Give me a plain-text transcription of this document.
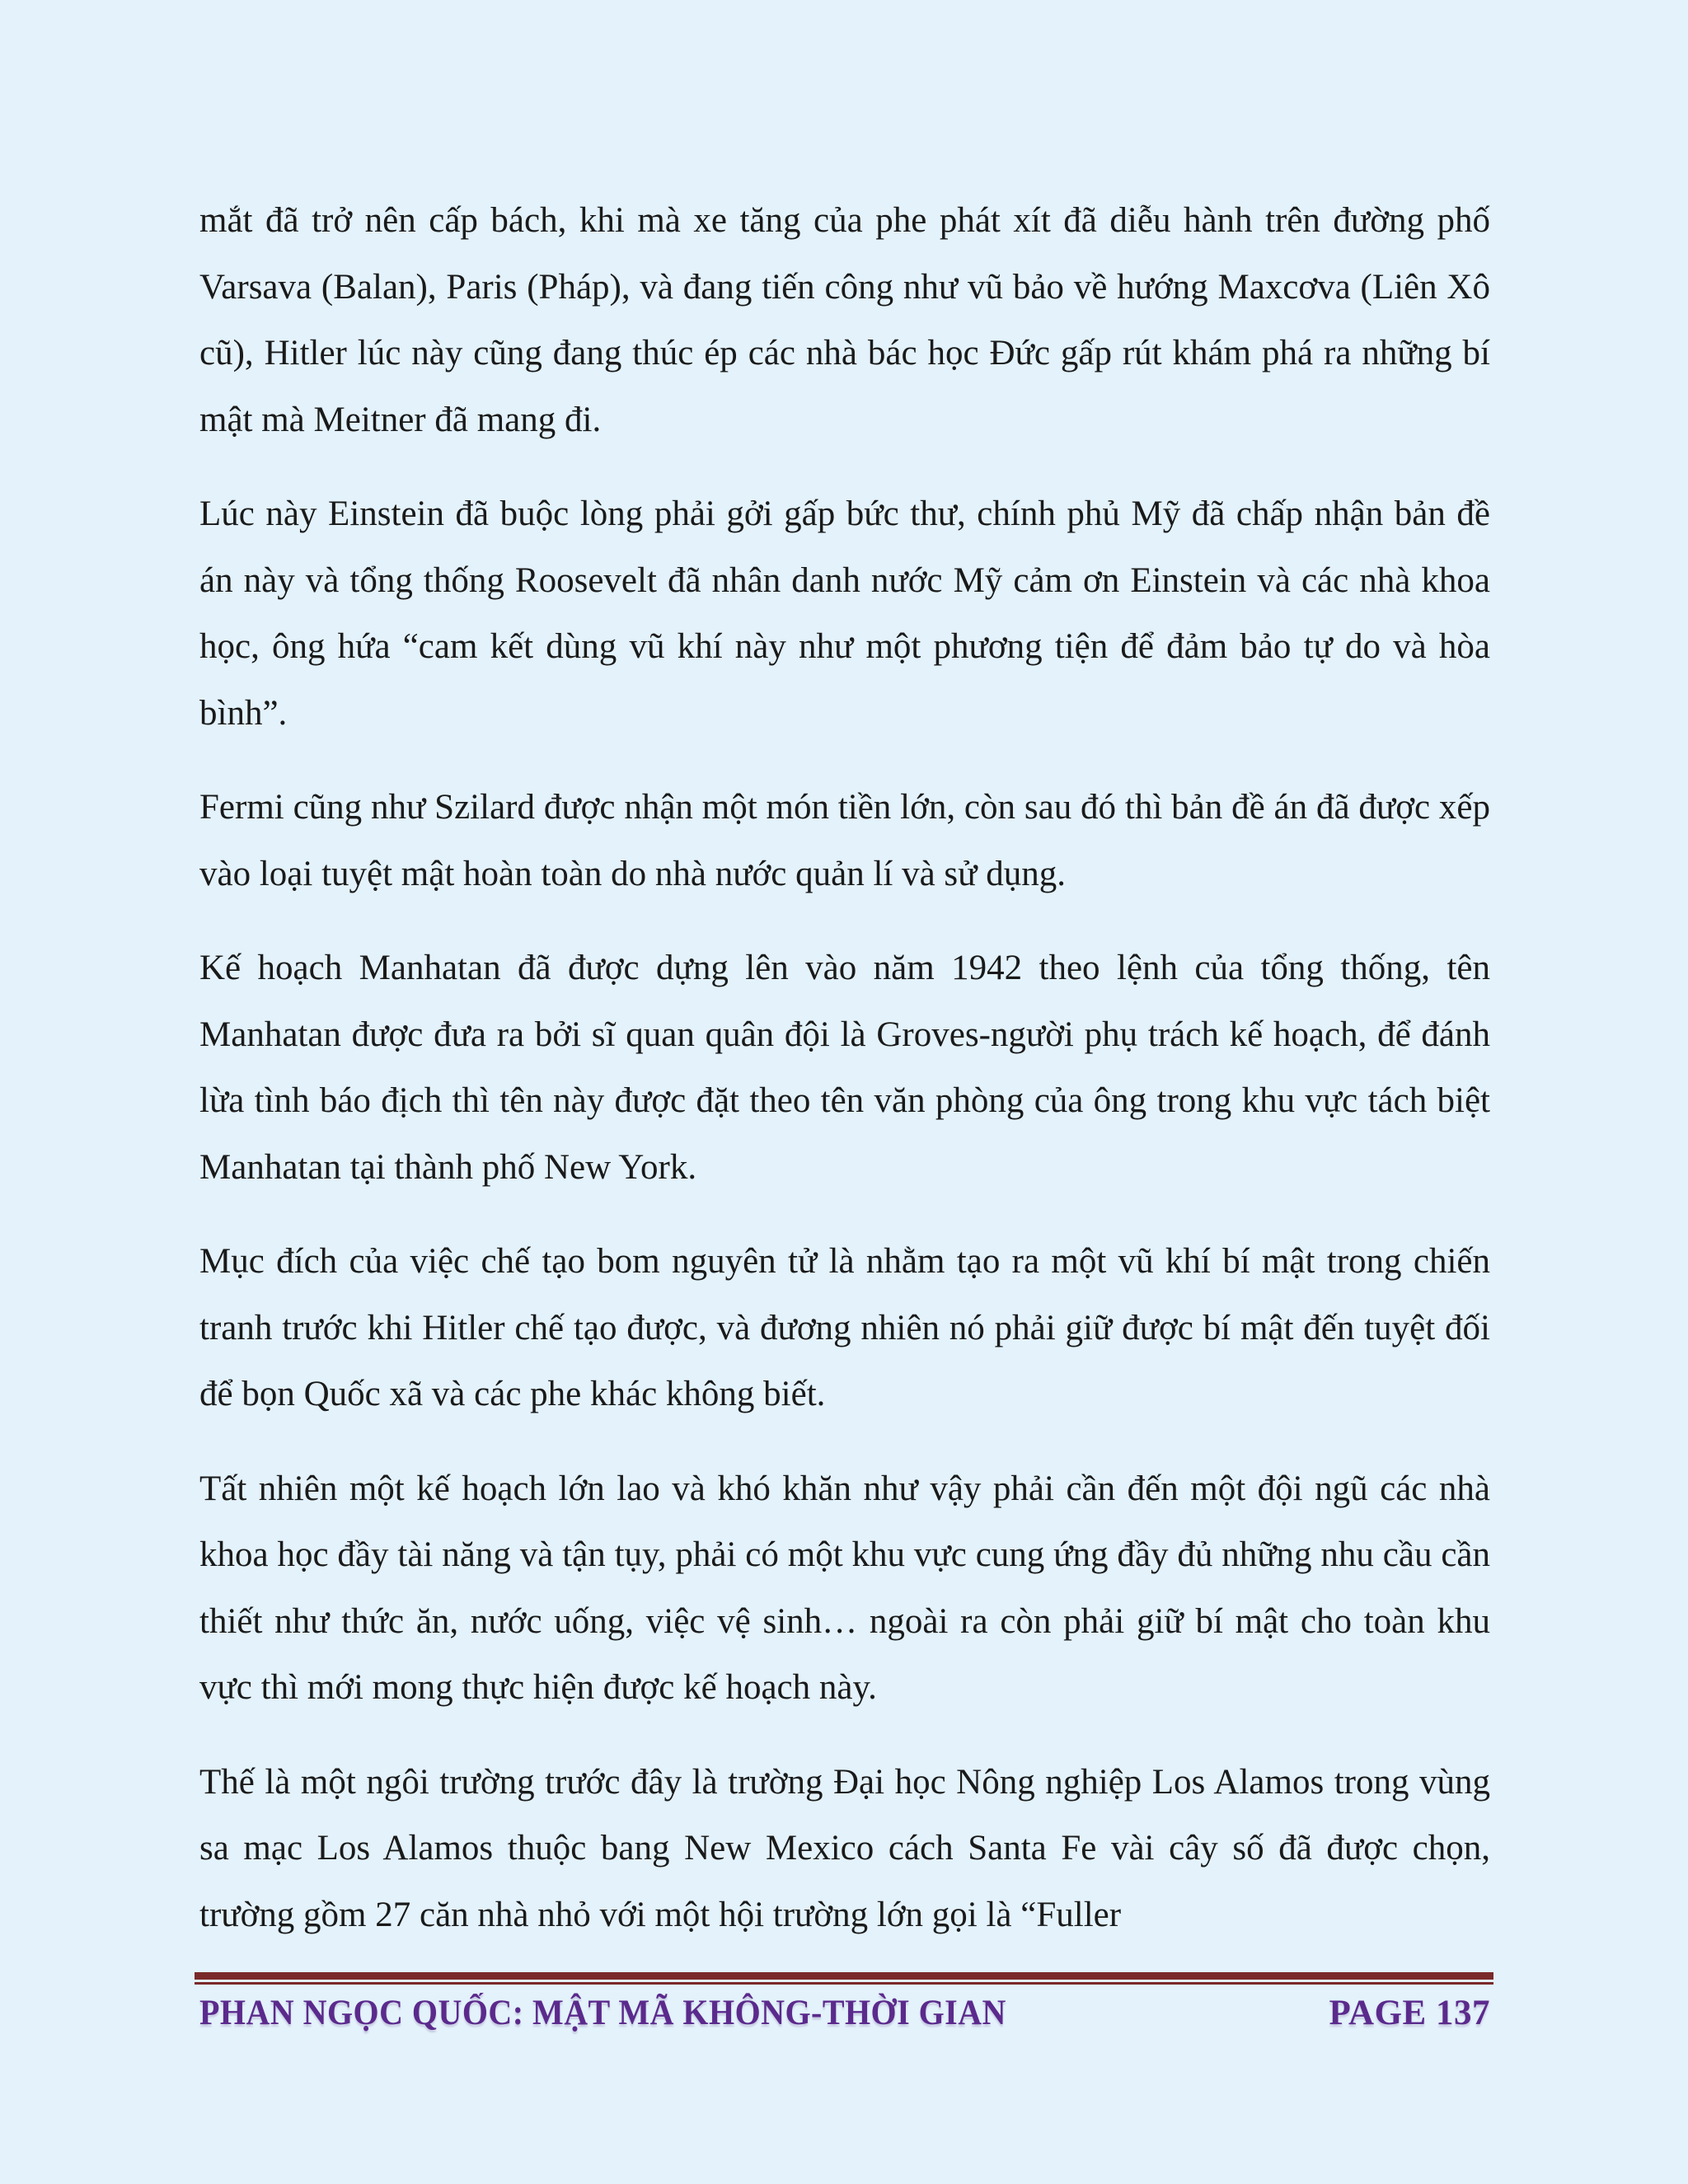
mắt đã trở nên cấp bách, khi mà xe tăng của phe phát xít đã diễu hành trên đường phố Varsava (Balan), Paris (Pháp), và đang tiến công như vũ bảo về hướng Maxcơva (Liên Xô cũ), Hitler lúc này cũng đang thúc ép các nhà bác học Đức gấp rút khám phá ra những bí mật mà Meitner đã mang đi.

Lúc này Einstein đã buộc lòng phải gởi gấp bức thư, chính phủ Mỹ đã chấp nhận bản đề án này và tổng thống Roosevelt đã nhân danh nước Mỹ cảm ơn Einstein và các nhà khoa học, ông hứa “cam kết dùng vũ khí này như một phương tiện để đảm bảo tự do và hòa bình”.

Fermi cũng như Szilard được nhận một món tiền lớn, còn sau đó thì bản đề án đã được xếp vào loại tuyệt mật hoàn toàn do nhà nước quản lí và sử dụng.

Kế hoạch Manhatan đã được dựng lên vào năm 1942 theo lệnh của tổng thống, tên Manhatan được đưa ra bởi sĩ quan quân đội là Groves-người phụ trách kế hoạch, để đánh lừa tình báo địch thì tên này được đặt theo tên văn phòng của ông trong khu vực tách biệt Manhatan tại thành phố New York.

Mục đích của việc chế tạo bom nguyên tử là nhằm tạo ra một vũ khí bí mật trong chiến tranh trước khi Hitler chế tạo được, và đương nhiên nó phải giữ được bí mật đến tuyệt đối để bọn Quốc xã và các phe khác không biết.

Tất nhiên một kế hoạch lớn lao và khó khăn như vậy phải cần đến một đội ngũ các nhà khoa học đầy tài năng và tận tụy, phải có một khu vực cung ứng đầy đủ những nhu cầu cần thiết như thức ăn, nước uống, việc vệ sinh… ngoài ra còn phải giữ bí mật cho toàn khu vực thì mới mong thực hiện được kế hoạch này.

Thế là một ngôi trường trước đây là trường Đại học Nông nghiệp Los Alamos trong vùng sa mạc Los Alamos thuộc bang New Mexico cách Santa Fe vài cây số đã được chọn, trường gồm 27 căn nhà nhỏ với một hội trường lớn gọi là “Fuller

PHAN NGỌC QUỐC: MẬT MÃ KHÔNG-THỜI GIAN	PAGE 137
